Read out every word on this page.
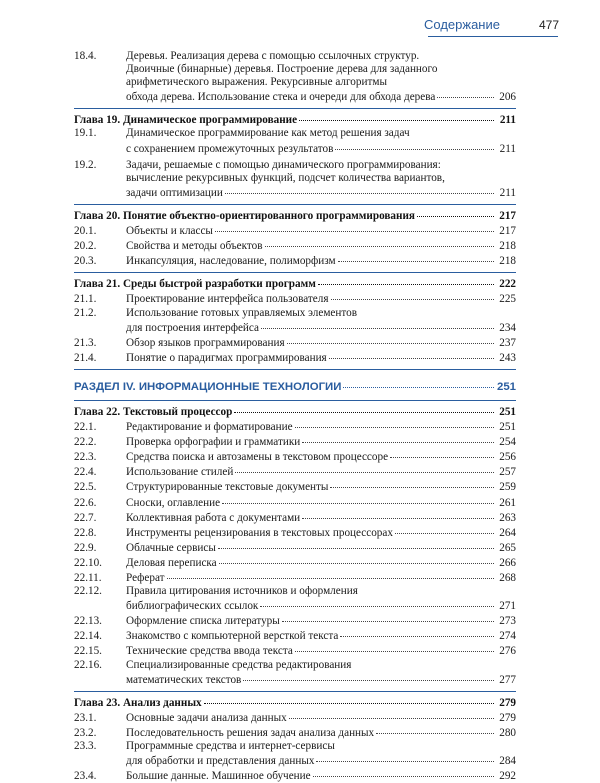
Содержание	477
18.4.	Деревья. Реализация дерева с помощью ссылочных структур.
Двоичные (бинарные) деревья. Построение дерева для заданного
арифметического выражения. Рекурсивные алгоритмы
обхода дерева. Использование стека и очереди для обхода дерева	206
Глава 19. Динамическое программирование	211
19.1.	Динамическое программирование как метод решения задач
с сохранением промежуточных результатов	211
19.2.	Задачи, решаемые с помощью динамического программирования:
вычисление рекурсивных функций, подсчет количества вариантов,
задачи оптимизации	211
Глава 20. Понятие объектно-ориентированного программирования	217
20.1.	Объекты и классы	217
20.2.	Свойства и методы объектов	218
20.3.	Инкапсуляция, наследование, полиморфизм	218
Глава 21. Среды быстрой разработки программ	222
21.1.	Проектирование интерфейса пользователя	225
21.2.	Использование готовых управляемых элементов
для построения интерфейса	234
21.3.	Обзор языков программирования	237
21.4.	Понятие о парадигмах программирования	243
РАЗДЕЛ IV. ИНФОРМАЦИОННЫЕ ТЕХНОЛОГИИ	251
Глава 22. Текстовый процессор	251
22.1.	Редактирование и форматирование	251
22.2.	Проверка орфографии и грамматики	254
22.3.	Средства поиска и автозамены в текстовом процессоре	256
22.4.	Использование стилей	257
22.5.	Структурированные текстовые документы	259
22.6.	Сноски, оглавление	261
22.7.	Коллективная работа с документами	263
22.8.	Инструменты рецензирования в текстовых процессорах	264
22.9.	Облачные сервисы	265
22.10.	Деловая переписка	266
22.11.	Реферат	268
22.12.	Правила цитирования источников и оформления
библиографических ссылок	271
22.13.	Оформление списка литературы	273
22.14.	Знакомство с компьютерной версткой текста	274
22.15.	Технические средства ввода текста	276
22.16.	Специализированные средства редактирования
математических текстов	277
Глава 23. Анализ данных	279
23.1.	Основные задачи анализа данных	279
23.2.	Последовательность решения задач анализа данных	280
23.3.	Программные средства и интернет-сервисы
для обработки и представления данных	284
23.4.	Большие данные. Машинное обучение	292
